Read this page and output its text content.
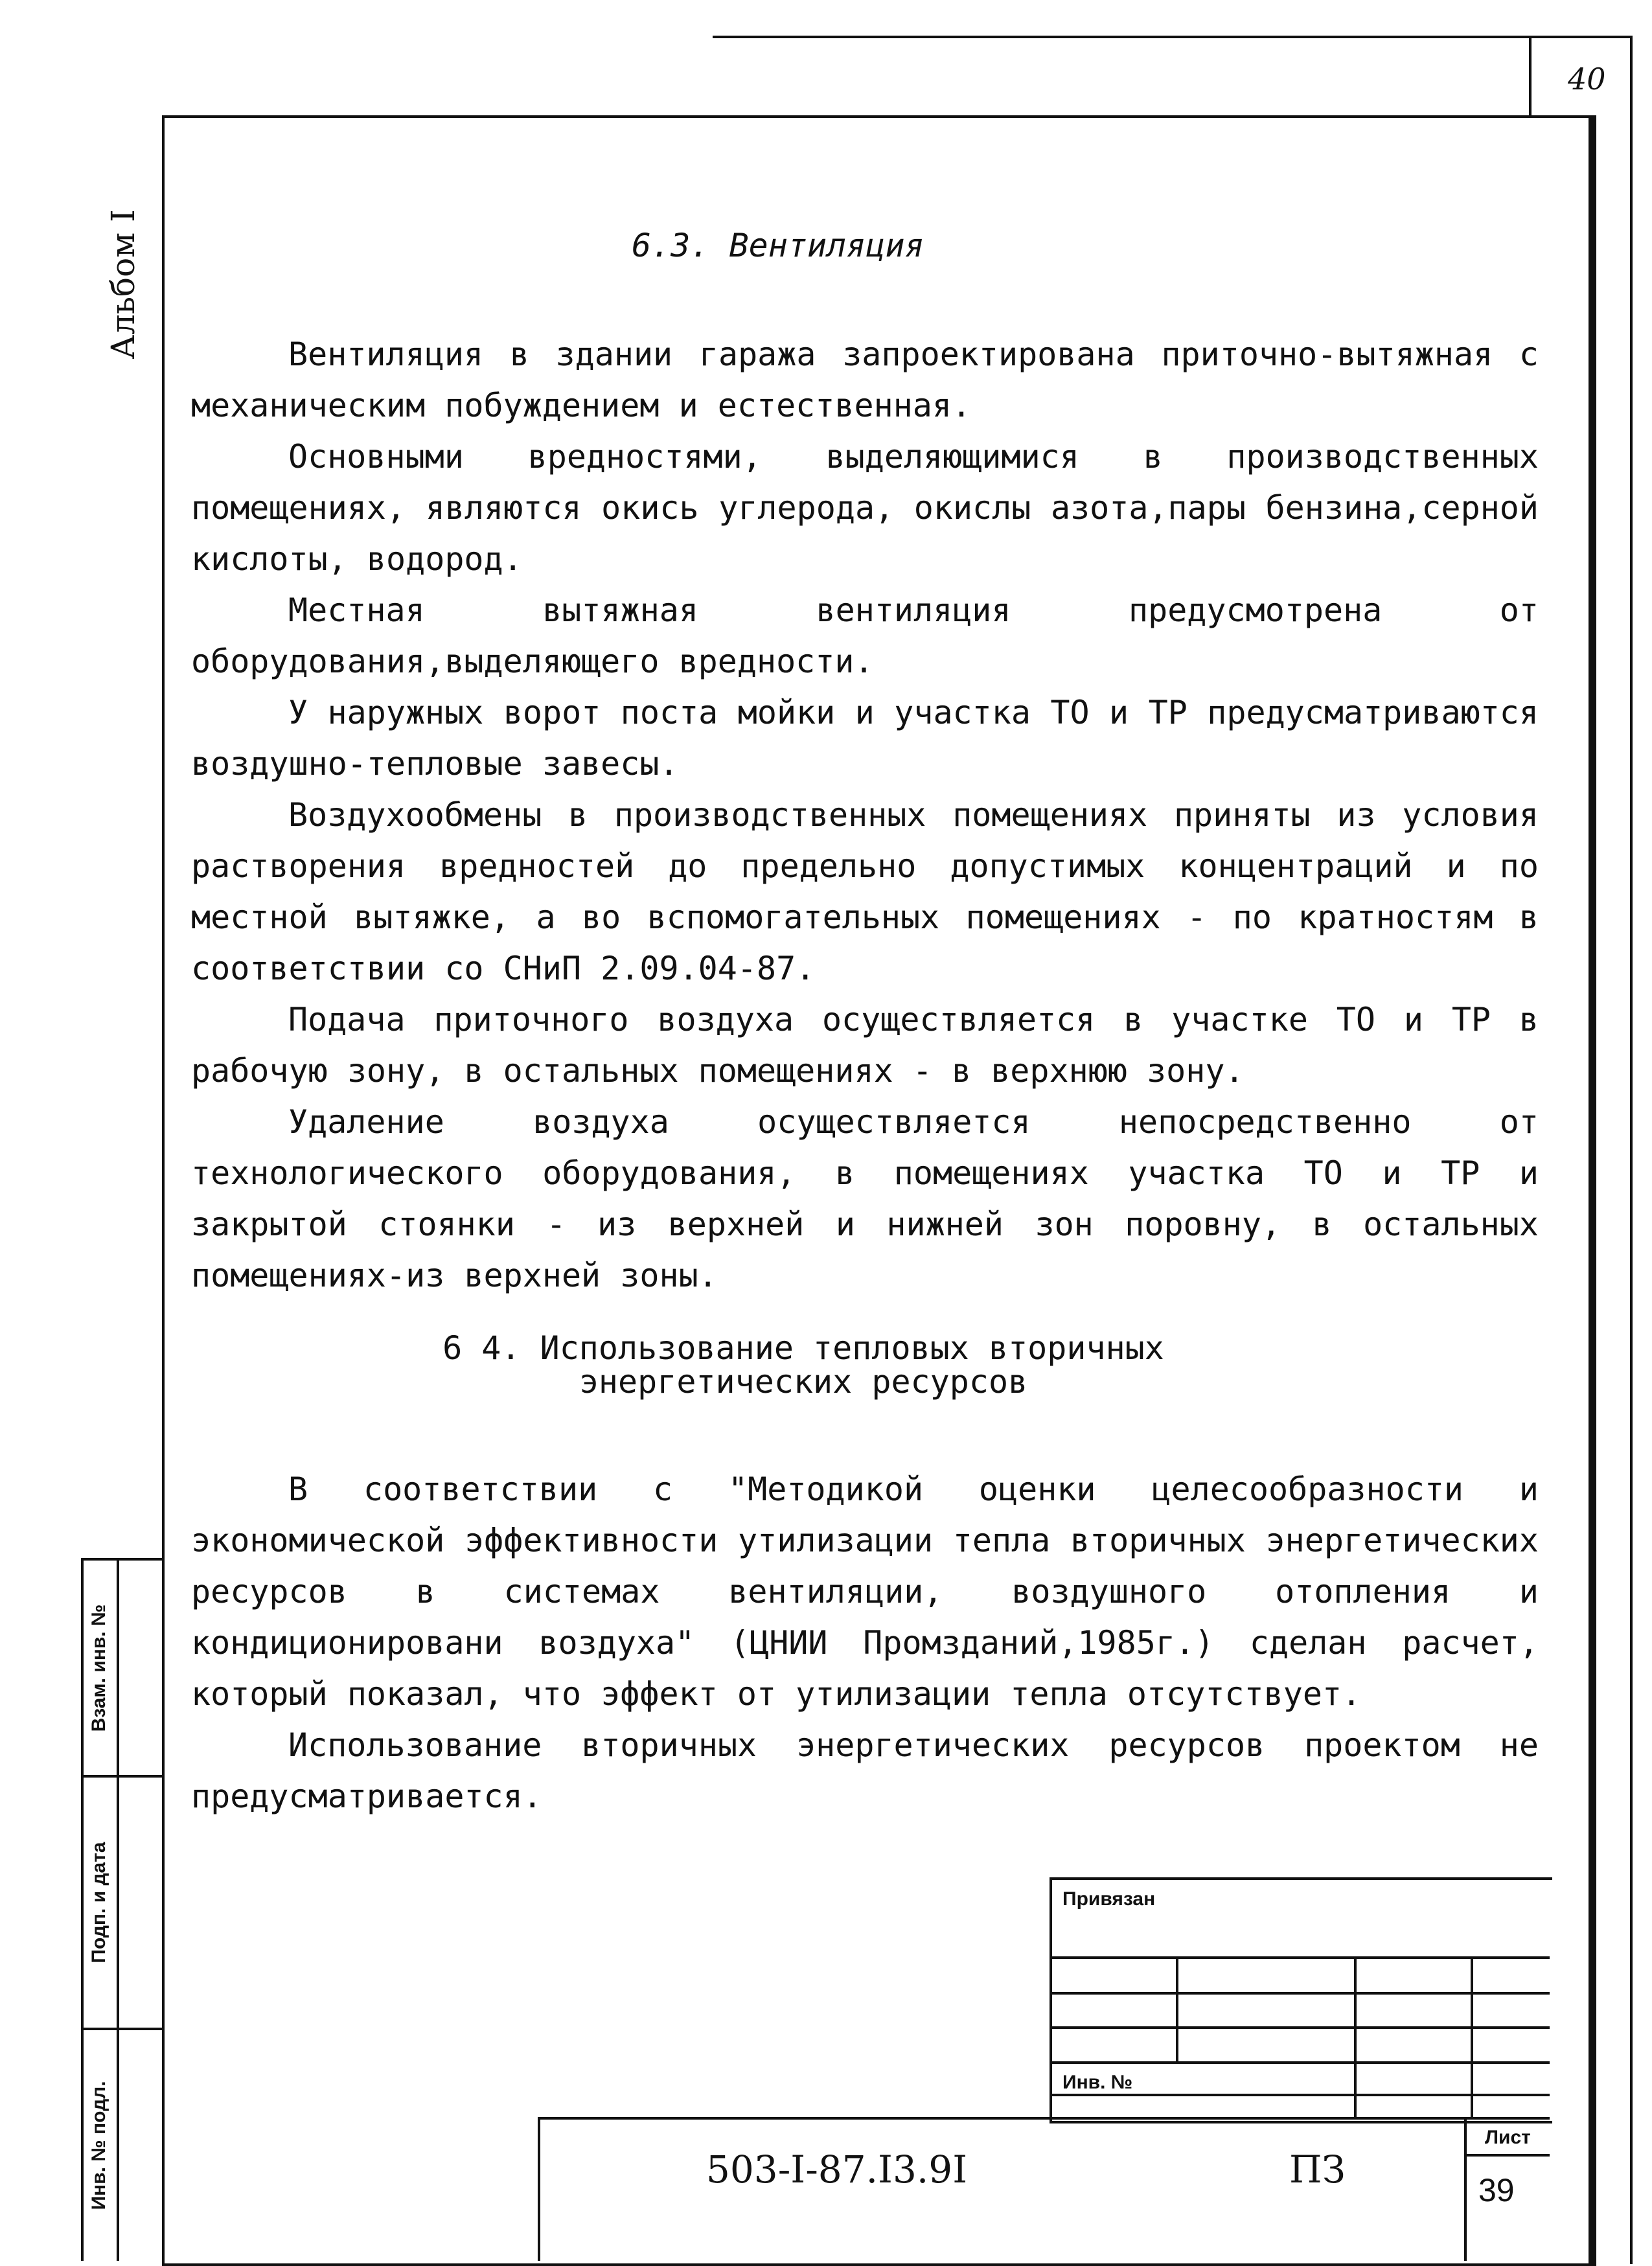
40
Альбом I
Взам. инв. №
Подп. и дата
Инв. № подл.
6.3. Вентиляция

Вентиляция в здании гаража запроектирована приточно-вытяжная с механическим побуждением и естественная.

Основными вредностями, выделяющимися в производственных помещениях, являются окись углерода, окислы азота,пары бензина,серной кислоты, водород.

Местная вытяжная вентиляция предусмотрена от оборудования,выделяющего вредности.

У наружных ворот поста мойки и участка ТО и ТР предусматриваются воздушно-тепловые завесы.

Воздухообмены в производственных помещениях приняты из условия растворения вредностей до предельно допустимых концентраций и по местной вытяжке, а во вспомогательных помещениях - по кратностям в соответствии со СНиП 2.09.04-87.

Подача приточного воздуха осуществляется в участке ТО и ТР в рабочую зону, в остальных помещениях - в верхнюю зону.

Удаление воздуха осуществляется непосредственно от технологического оборудования, в помещениях участка ТО и ТР и закрытой стоянки - из верхней и нижней зон поровну, в остальных помещениях-из верхней зоны.

6 4. Использование тепловых вторичных
энергетических ресурсов

В соответствии с "Методикой оценки целесообразности и экономической эффективности утилизации тепла вторичных энергетических ресурсов в системах вентиляции, воздушного отопления и кондиционировани воздуха" (ЦНИИ Промзданий,1985г.) сделан расчет, который показал, что эффект от утилизации тепла отсутствует.

Использование вторичных энергетических ресурсов проектом не предусматривается.

Привязан
Инв. №
503-I-87.I3.9I	ПЗ
Лист
39
